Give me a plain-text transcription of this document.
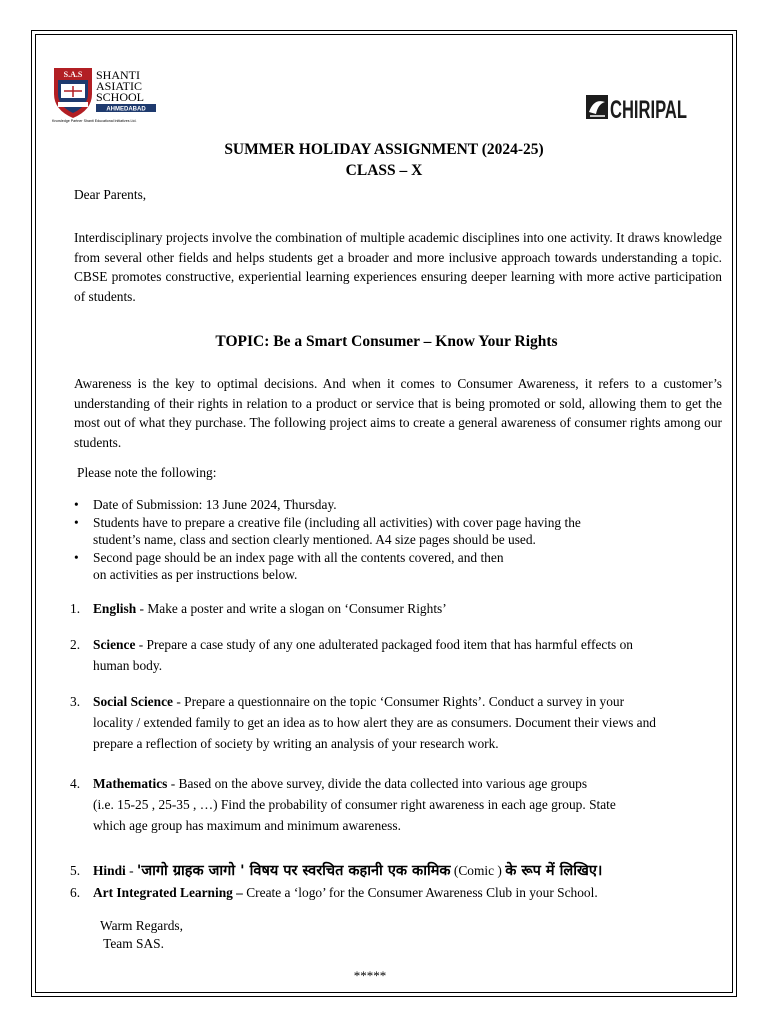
S.A.S SHANTI
ASIATIC
SCHOOL
AHMEDABAD
Knowledge Partner Shanti Educational Initiatives Ltd.	CHIRIPAL
SUMMER HOLIDAY ASSIGNMENT (2024-25)
CLASS – X
Dear Parents,
Interdisciplinary projects involve the combination of multiple academic disciplines into one activity. It draws knowledge from several other fields and helps students get a broader and more inclusive approach towards understanding a topic. CBSE promotes constructive, experiential learning experiences ensuring deeper learning with more active participation of students.
TOPIC: Be a Smart Consumer – Know Your Rights
Awareness is the key to optimal decisions. And when it comes to Consumer Awareness, it refers to a customer’s understanding of their rights in relation to a product or service that is being promoted or sold, allowing them to get the most out of what they purchase. The following project aims to create a general awareness of consumer rights among our students.
Please note the following:
• Date of Submission: 13 June 2024, Thursday.
• Students have to prepare a creative file (including all activities) with cover page having the
student’s name, class and section clearly mentioned. A4 size pages should be used.
• Second page should be an index page with all the contents covered, and then
on activities as per instructions below.
1. English - Make a poster and write a slogan on ‘Consumer Rights’
2. Science - Prepare a case study of any one adulterated packaged food item that has harmful effects on
human body.
3. Social Science - Prepare a questionnaire on the topic ‘Consumer Rights’. Conduct a survey in your
locality / extended family to get an idea as to how alert they are as consumers. Document their views and
prepare a reflection of society by writing an analysis of your research work.
4. Mathematics - Based on the above survey, divide the data collected into various age groups
(i.e. 15-25 , 25-35 , …) Find the probability of consumer right awareness in each age group. State
which age group has maximum and minimum awareness.
5. Hindi - 'जागो ग्राहक जागो ' विषय पर स्वरचित कहानी एक कामिक (Comic ) के रूप में लिखिए।
6. Art Integrated Learning – Create a ‘logo’ for the Consumer Awareness Club in your School.
Warm Regards,
Team SAS.
*****
